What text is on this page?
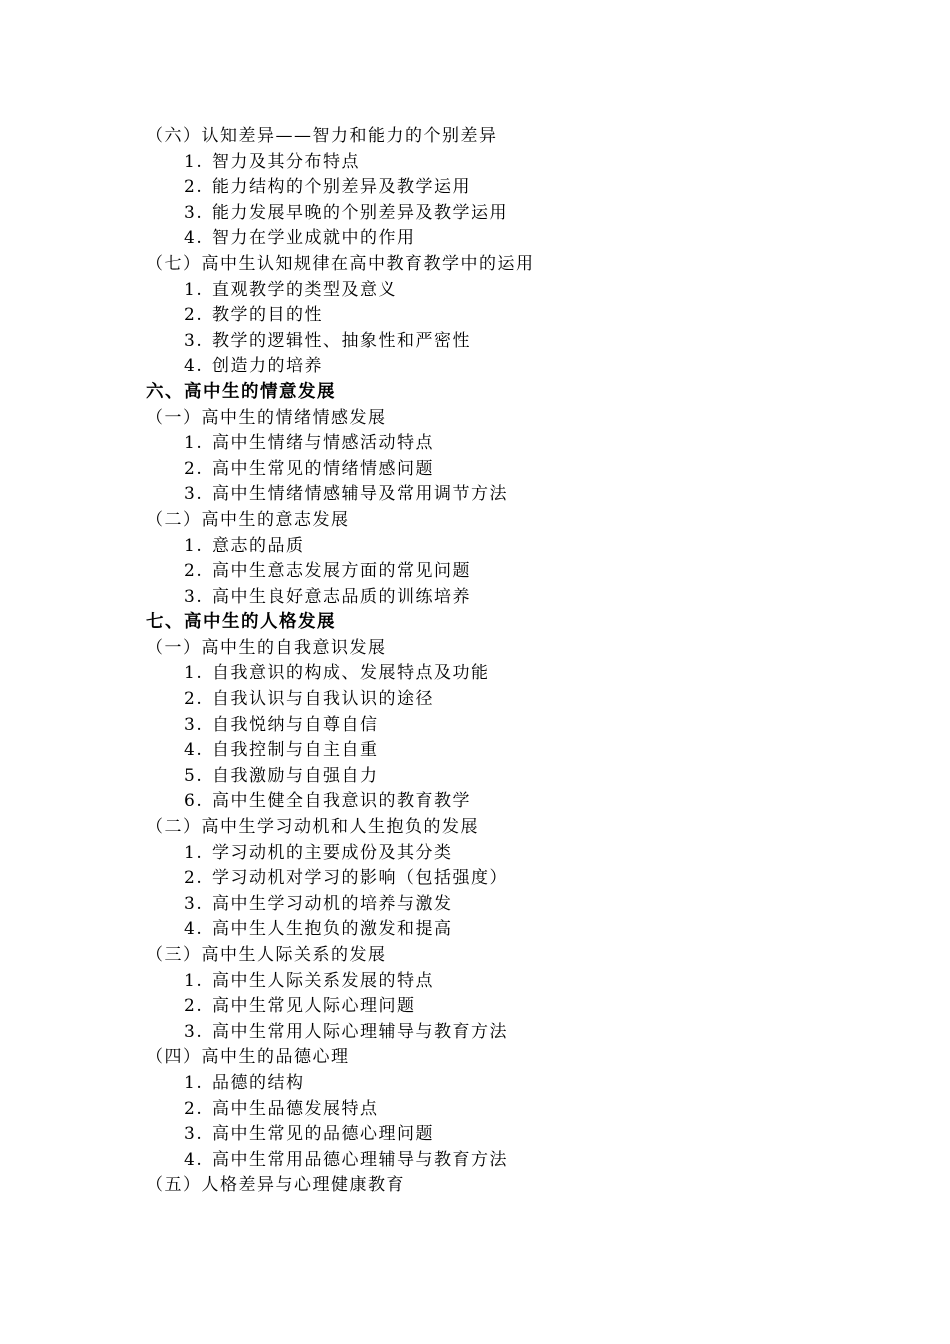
（六）认知差异——智力和能力的个别差异
1. 智力及其分布特点
2. 能力结构的个别差异及教学运用
3. 能力发展早晚的个别差异及教学运用
4. 智力在学业成就中的作用
（七）高中生认知规律在高中教育教学中的运用
1. 直观教学的类型及意义
2. 教学的目的性
3. 教学的逻辑性、抽象性和严密性
4. 创造力的培养
六、高中生的情意发展
（一）高中生的情绪情感发展
1. 高中生情绪与情感活动特点
2. 高中生常见的情绪情感问题
3. 高中生情绪情感辅导及常用调节方法
（二）高中生的意志发展
1. 意志的品质
2. 高中生意志发展方面的常见问题
3. 高中生良好意志品质的训练培养
七、高中生的人格发展
（一）高中生的自我意识发展
1. 自我意识的构成、发展特点及功能
2. 自我认识与自我认识的途径
3. 自我悦纳与自尊自信
4. 自我控制与自主自重
5. 自我激励与自强自力
6. 高中生健全自我意识的教育教学
（二）高中生学习动机和人生抱负的发展
1. 学习动机的主要成份及其分类
2. 学习动机对学习的影响（包括强度）
3. 高中生学习动机的培养与激发
4. 高中生人生抱负的激发和提高
（三）高中生人际关系的发展
1. 高中生人际关系发展的特点
2. 高中生常见人际心理问题
3. 高中生常用人际心理辅导与教育方法
（四）高中生的品德心理
1. 品德的结构
2. 高中生品德发展特点
3. 高中生常见的品德心理问题
4. 高中生常用品德心理辅导与教育方法
（五）人格差异与心理健康教育
